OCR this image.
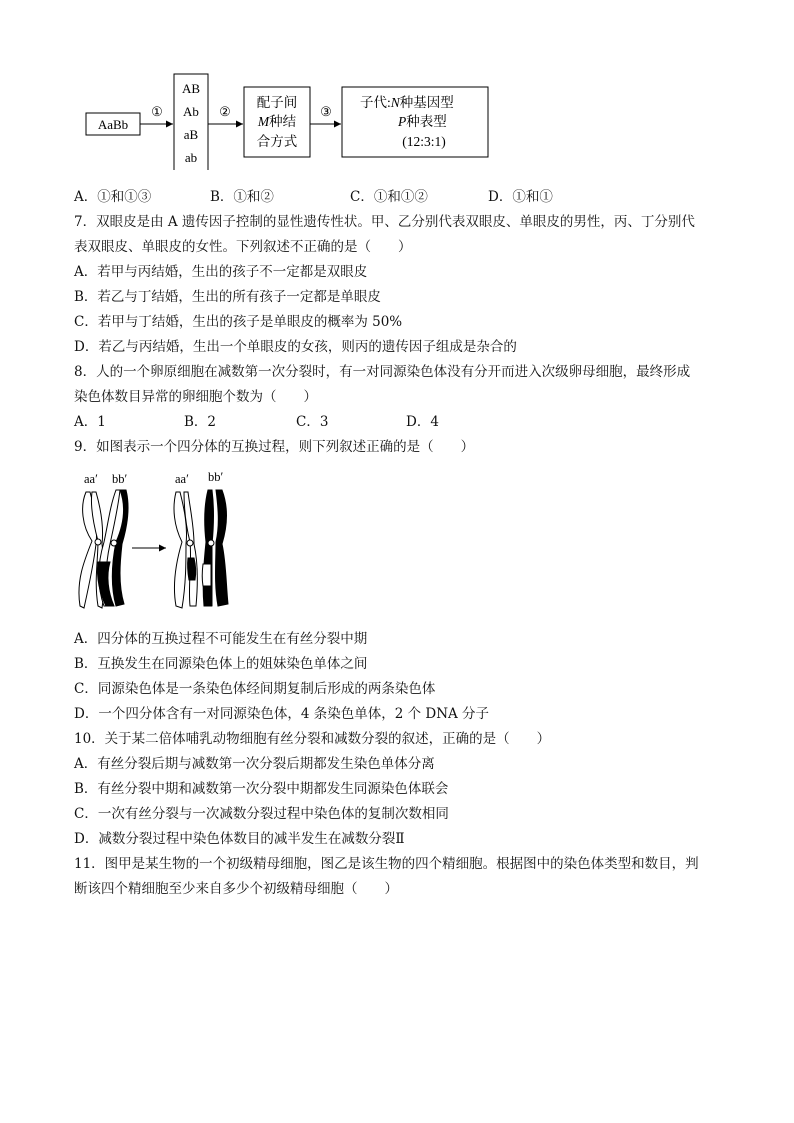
AaBb
①
AB
Ab
aB
ab
②
配子间
M种结
合方式
③
子代:N种基因型
P种表型
(12:3:1)
A．①和①③	B．①和②	C．①和①②	D．①和①
7．双眼皮是由 A 遗传因子控制的显性遗传性状。甲、乙分别代表双眼皮、单眼皮的男性，丙、丁分别代
表双眼皮、单眼皮的女性。下列叙述不正确的是（　　）
A．若甲与丙结婚，生出的孩子不一定都是双眼皮
B．若乙与丁结婚，生出的所有孩子一定都是单眼皮
C．若甲与丁结婚，生出的孩子是单眼皮的概率为 50%
D．若乙与丙结婚，生出一个单眼皮的女孩，则丙的遗传因子组成是杂合的
8．人的一个卵原细胞在减数第一次分裂时，有一对同源染色体没有分开而进入次级卵母细胞，最终形成
染色体数目异常的卵细胞个数为（　　）
A．1	B．2	C．3	D．4
9．如图表示一个四分体的互换过程，则下列叙述正确的是（　　）
aa′ bb′	aa′ bb′
A．四分体的互换过程不可能发生在有丝分裂中期
B．互换发生在同源染色体上的姐妹染色单体之间
C．同源染色体是一条染色体经间期复制后形成的两条染色体
D．一个四分体含有一对同源染色体，4 条染色单体，2 个 DNA 分子
10．关于某二倍体哺乳动物细胞有丝分裂和减数分裂的叙述，正确的是（　　）
A．有丝分裂后期与减数第一次分裂后期都发生染色单体分离
B．有丝分裂中期和减数第一次分裂中期都发生同源染色体联会
C．一次有丝分裂与一次减数分裂过程中染色体的复制次数相同
D．减数分裂过程中染色体数目的减半发生在减数分裂Ⅱ
11．图甲是某生物的一个初级精母细胞，图乙是该生物的四个精细胞。根据图中的染色体类型和数目，判
断该四个精细胞至少来自多少个初级精母细胞（　　）
